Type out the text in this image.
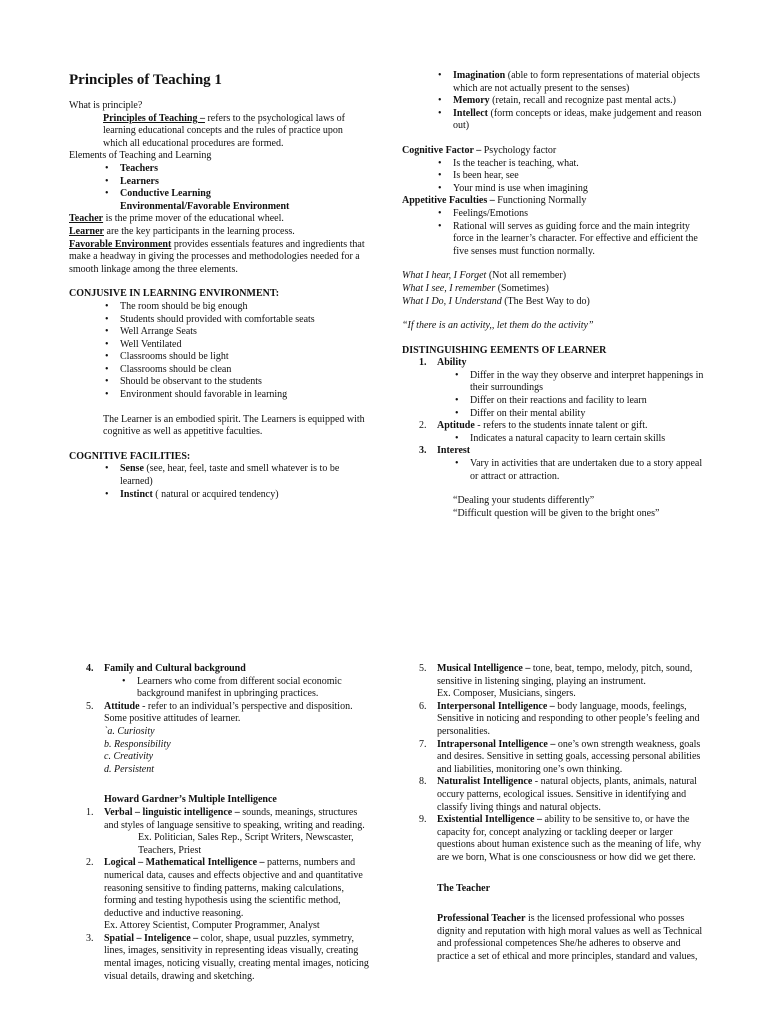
Principles of Teaching 1

What is principle?

Principles of Teaching – refers to the psychological laws of learning educational concepts and the rules of practice upon which all educational procedures are formed.

Elements of Teaching and Learning

• Teachers

• Learners

• Conductive Learning

Environmental/Favorable Environment

Teacher is the prime mover of the educational wheel.

Learner are the key participants in the learning process.

Favorable Environment provides essentials features and ingredients that make a headway in giving the processes and methodologies needed for a smooth linkage among the three elements.

CONJUSIVE IN LEARNING ENVIRONMENT:

• The room should be big enough

• Students should provided with comfortable seats

• Well Arrange Seats

• Well Ventilated

• Classrooms should be light

• Classrooms should be clean

• Should be observant to the students

• Environment should favorable in learning

The Learner is an embodied spirit. The Learners is equipped with cognitive as well as appetitive faculties.

COGNITIVE FACILITIES:

• Sense (see, hear, feel, taste and smell whatever is to be learned)

• Instinct ( natural or acquired tendency)

• Imagination (able to form representations of material objects which are not actually present to the senses)

• Memory (retain, recall and recognize past mental acts.)

• Intellect (form concepts or ideas, make judgement and reason out)

Cognitive Factor – Psychology factor

• Is the teacher is teaching, what.

• Is been hear, see

• Your mind is use when imagining

Appetitive Faculties – Functioning Normally

• Feelings/Emotions

• Rational will serves as guiding force and the main integrity force in the learner’s character. For effective and efficient the five senses must function normally.

What I hear, I Forget (Not all remember)

What I see, I remember (Sometimes)

What I Do, I Understand (The Best Way to do)

“If there is an activity,, let them do the activity”

DISTINGUISHING EEMENTS OF LEARNER

1. Ability

• Differ in the way they observe and interpret happenings in their surroundings

• Differ on their reactions and facility to learn

• Differ on their mental ability

2. Aptitude - refers to the students innate talent or gift.

• Indicates a natural capacity to learn certain skills

3. Interest

• Vary in activities that are undertaken due to a story appeal or attract or attraction.

“Dealing your students differently”

“Difficult question will be given to the bright ones”

4. Family and Cultural background

• Learners who come from different social economic background manifest in upbringing practices.

5. Attitude - refer to an individual’s perspective and disposition. Some positive attitudes of learner.

`a. Curiosity

b. Responsibility

c. Creativity

d. Persistent

Howard Gardner’s Multiple Intelligence

1. Verbal – linguistic intelligence – sounds, meanings, structures and styles of language sensitive to speaking, writing and reading.

Ex. Politician, Sales Rep., Script Writers, Newscaster, Teachers, Priest

2. Logical – Mathematical Intelligence – patterns, numbers and numerical data, causes and effects objective and and quantitative reasoning sensitive to finding patterns, making calculations, forming and testing hypothesis using the scientific method, deductive and inductive reasoning.

Ex. Attorey Scientist, Computer Programmer, Analyst

3. Spatial – Inteligence – color, shape, usual puzzles, symmetry, lines, images, sensitivity in representing ideas visually, creating mental images, noticing visually, creating mental images, noticing visual details, drawing and sketching.

5. Musical Intelligence – tone, beat, tempo, melody, pitch, sound, sensitive in listening singing, playing an instrument.

Ex. Composer, Musicians, singers.

6. Interpersonal Intelligence – body language, moods, feelings, Sensitive in noticing and responding to other people’s feeling and personalities.

7. Intrapersonal Intelligence – one’s own strength weakness, goals and desires. Sensitive in setting goals, accessing personal abilities and liabilities, monitoring one’s own thinking.

8. Naturalist Intelligence - natural objects, plants, animals, natural occury patterns, ecological issues. Sensitive in identifying and classify living things and natural objects.

9. Existential Intelligence – ability to be sensitive to, or have the capacity for, concept analyzing or tackling deeper or larger questions about human existence such as the meaning of life, why are we born, What is one consciousness or how did we get there.

The Teacher

Professional Teacher is the licensed professional who posses dignity and reputation with high moral values as well as Technical and professional competences She/he adheres to observe and practice a set of ethical and more principles, standard and values,
